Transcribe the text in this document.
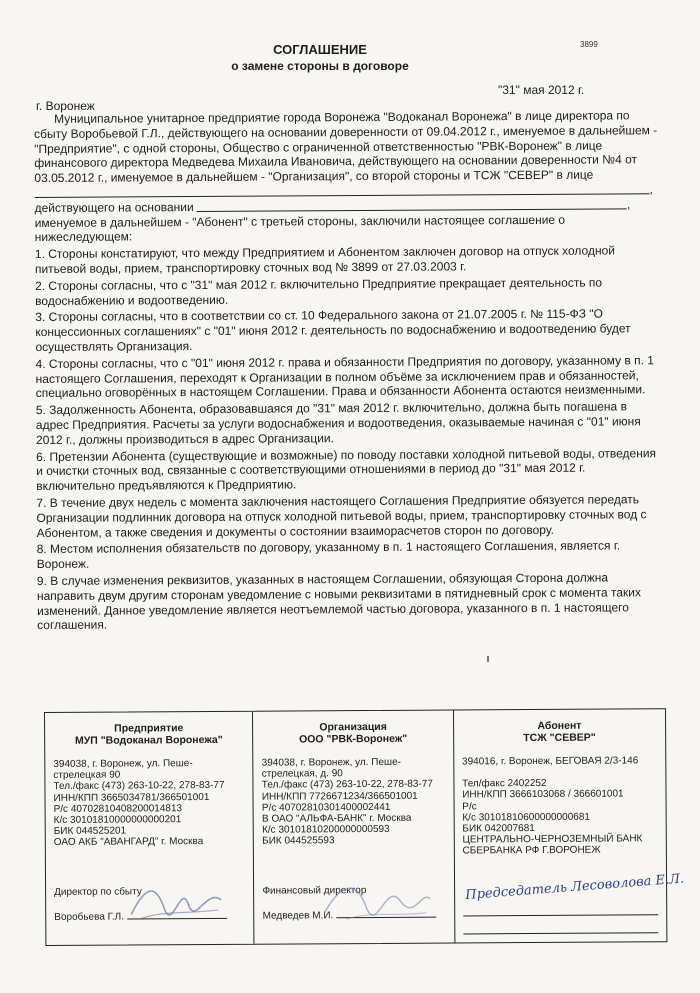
3899
СОГЛАШЕНИЕ
о замене стороны в договоре
"31" мая 2012 г.
г. Воронеж

Муниципальное унитарное предприятие города Воронежа "Водоканал Воронежа" в лице директора по сбыту Воробьевой Г.Л., действующего на основании доверенности от 09.04.2012 г., именуемое в дальнейшем - "Предприятие", с одной стороны, Общество с ограниченной ответственностью "РВК-Воронеж" в лице финансового директора Медведева Михаила Ивановича, действующего на основании доверенности №4 от 03.05.2012 г., именуемое в дальнейшем - "Организация", со второй стороны и ТСЖ "СЕВЕР" в лице , действующего на основании	, именуемое в дальнейшем - "Абонент" с третьей стороны, заключили настоящее соглашение о нижеследующем:

1. Стороны констатируют, что между Предприятием и Абонентом заключен договор на отпуск холодной питьевой воды, прием, транспортировку сточных вод № 3899 от 27.03.2003 г.

2. Стороны согласны, что с "31" мая 2012 г. включительно Предприятие прекращает деятельность по водоснабжению и водоотведению.

3. Стороны согласны, что в соответствии со ст. 10 Федерального закона от 21.07.2005 г. № 115-ФЗ "О концессионных соглашениях" с "01" июня 2012 г. деятельность по водоснабжению и водоотведению будет осуществлять Организация.

4. Стороны согласны, что с "01" июня 2012 г. права и обязанности Предприятия по договору, указанному в п. 1 настоящего Соглашения, переходят к Организации в полном объёме за исключением прав и обязанностей, специально оговорённых в настоящем Соглашении. Права и обязанности Абонента остаются неизменными.

5. Задолженность Абонента, образовавшаяся до "31" мая 2012 г. включительно, должна быть погашена в адрес Предприятия. Расчеты за услуги водоснабжения и водоотведения, оказываемые начиная с "01" июня 2012 г., должны производиться в адрес Организации.

6. Претензии Абонента (существующие и возможные) по поводу поставки холодной питьевой воды, отведения и очистки сточных вод, связанные с соответствующими отношениями в период до "31" мая 2012 г. включительно предъявляются к Предприятию.

7. В течение двух недель с момента заключения настоящего Соглашения Предприятие обязуется передать Организации подлинник договора на отпуск холодной питьевой воды, прием, транспортировку сточных вод с Абонентом, а также сведения и документы о состоянии взаиморасчетов сторон по договору.

8. Местом исполнения обязательств по договору, указанному в п. 1 настоящего Соглашения, является г. Воронеж.

9. В случае изменения реквизитов, указанных в настоящем Соглашении, обязующая Сторона должна направить двум другим сторонам уведомление с новыми реквизитами в пятидневный срок с момента таких изменений. Данное уведомление является неотъемлемой частью договора, указанного в п. 1 настоящего соглашения.

Предприятие
МУП "Водоканал Воронежа"
394038, г. Воронеж, ул. Пеше-
стрелецкая 90
Тел./факс (473) 263-10-22, 278-83-77
ИНН/КПП 3665034781/366501001
Р/с 40702810408200014813
К/с 30101810000000000201
БИК 044525201
ОАО АКБ "АВАНГАРД" г. Москва
Директор по сбыту
Воробьева Г.Л.
Организация
ООО "РВК-Воронеж"
394038, г. Воронеж, ул. Пеше-
стрелецкая, д. 90
Тел./факс (473) 263-10-22, 278-83-77
ИНН/КПП 7726671234/366501001
Р/с 40702810301400002441
В ОАО "АЛЬФА-БАНК" г. Москва
К/с 30101810200000000593
БИК 044525593
Финансовый директор
Медведев М.И.
Абонент
ТСЖ "СЕВЕР"
394016, г. Воронеж, БЕГОВАЯ 2/3-146
Тел/факс 2402252
ИНН/КПП 3666103068 / 366601001
Р/с
К/с 30101810600000000681
БИК 042007681
ЦЕНТРАЛЬНО-ЧЕРНОЗЕМНЫЙ БАНК
СБЕРБАНКА РФ Г.ВОРОНЕЖ
Председатель Лесоволова Е.Л.
